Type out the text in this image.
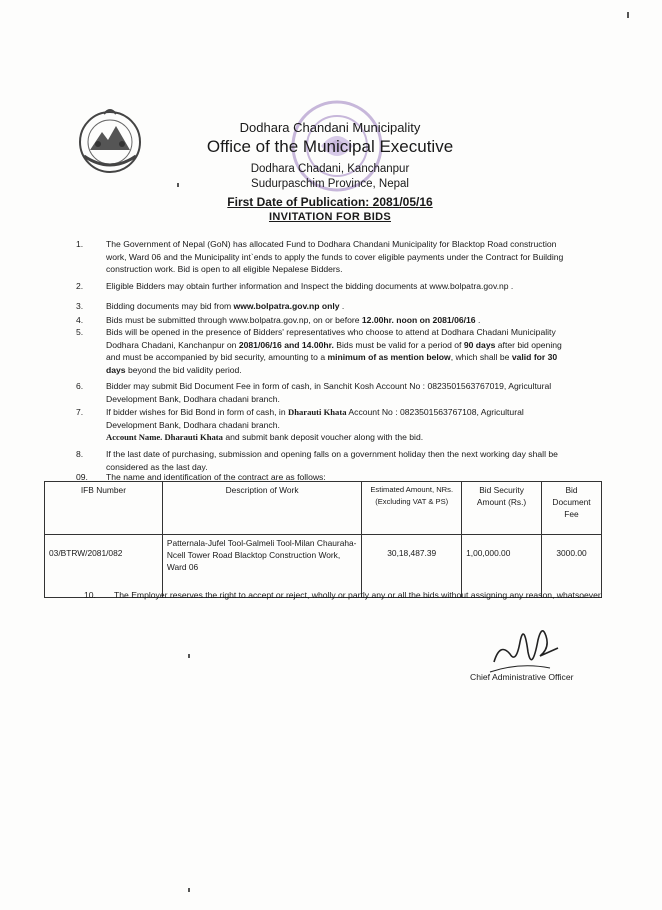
Dodhara Chandani Municipality
Office of the Municipal Executive
Dodhara Chadani, Kanchanpur
Sudurpaschim Province, Nepal
First Date of Publication: 2081/05/16
INVITATION FOR BIDS
1.	The Government of Nepal (GoN) has allocated Fund to Dodhara Chandani Municipality for Blacktop Road construction work, Ward 06 and the Municipality int`ends to apply the funds to cover eligible payments under the Contract for Building construction work. Bid is open to all eligible Nepalese Bidders.
2.	Eligible Bidders may obtain further information and Inspect the bidding documents at www.bolpatra.gov.np .
3.	Bidding documents may bid from www.bolpatra.gov.np only .
4.	Bids must be submitted through www.bolpatra.gov.np, on or before 12.00hr. noon on 2081/06/16 .
5.	Bids will be opened in the presence of Bidders' representatives who choose to attend at Dodhara Chadani Municipality Dodhara Chadani, Kanchanpur on 2081/06/16 and 14.00hr. Bids must be valid for a period of 90 days after bid opening and must be accompanied by bid security, amounting to a minimum of as mention below, which shall be valid for 30 days beyond the bid validity period.
6.	Bidder may submit Bid Document Fee in form of cash, in Sanchit Kosh Account No : 0823501563767019, Agricultural Development Bank, Dodhara chadani branch.
7.	If bidder wishes for Bid Bond in form of cash, in Dharauti Khata Account No : 0823501563767108, Agricultural Development Bank, Dodhara chadani branch.
Account Name. Dharauti Khata and submit bank deposit voucher along with the bid.
8.	If the last date of purchasing, submission and opening falls on a government holiday then the next working day shall be considered as the last day.
09.	The name and identification of the contract are as follows:
IFB Number	Description of Work	Estimated Amount, NRs.(Excluding VAT & PS)	Bid Security Amount (Rs.)	Bid Document Fee
03/BTRW/2081/082	Patternala-Jufel Tool-Galmeli Tool-Milan Chauraha-Ncell Tower Road Blacktop Construction Work, Ward 06	30,18,487.39	1,00,000.00	3000.00
10.	The Employer reserves the right to accept or reject, wholly or partly any or all the bids without assigning any reason, whatsoever.
Chief Administrative Officer
